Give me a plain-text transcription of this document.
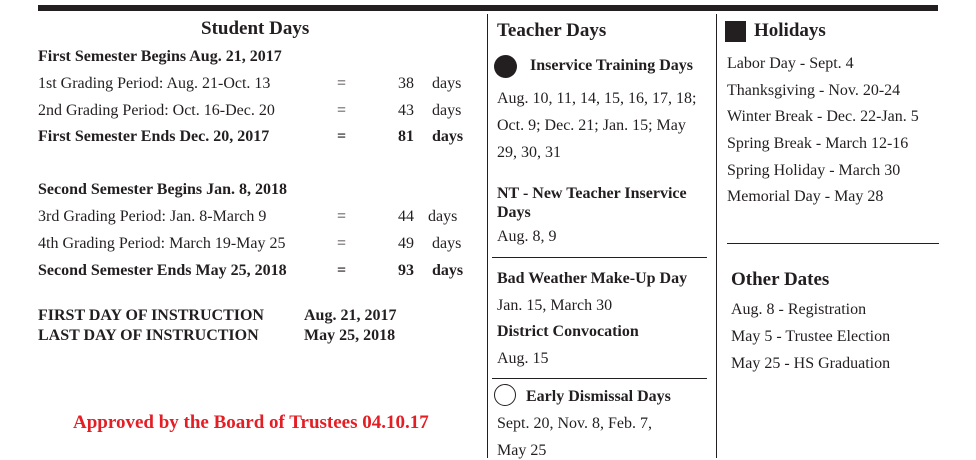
Student Days
First Semester Begins Aug. 21, 2017
1st Grading Period: Aug. 21-Oct. 13	=	38 days
2nd Grading Period: Oct. 16-Dec. 20	=	43 days
First Semester Ends Dec. 20, 2017	=	81 days
Second Semester Begins Jan. 8, 2018
3rd Grading Period: Jan. 8-March 9	=	44 days
4th Grading Period: March 19-May 25	=	49 days
Second Semester Ends May 25, 2018	=	93 days
FIRST DAY OF INSTRUCTION	Aug. 21, 2017
LAST DAY OF INSTRUCTION	May 25, 2018
Approved by the Board of Trustees 04.10.17
Teacher Days
Inservice Training Days
Aug. 10, 11, 14, 15, 16, 17, 18;
Oct. 9; Dec. 21; Jan. 15; May
29, 30, 31
NT - New Teacher Inservice
Days
Aug. 8, 9
Bad Weather Make-Up Day
Jan. 15, March 30
District Convocation
Aug. 15
Early Dismissal Days
Sept. 20, Nov. 8, Feb. 7,
May 25
Holidays
Labor Day - Sept. 4
Thanksgiving - Nov. 20-24
Winter Break - Dec. 22-Jan. 5
Spring Break - March 12-16
Spring Holiday - March 30
Memorial Day - May 28
Other Dates
Aug. 8 - Registration
May 5 - Trustee Election
May 25 - HS Graduation
